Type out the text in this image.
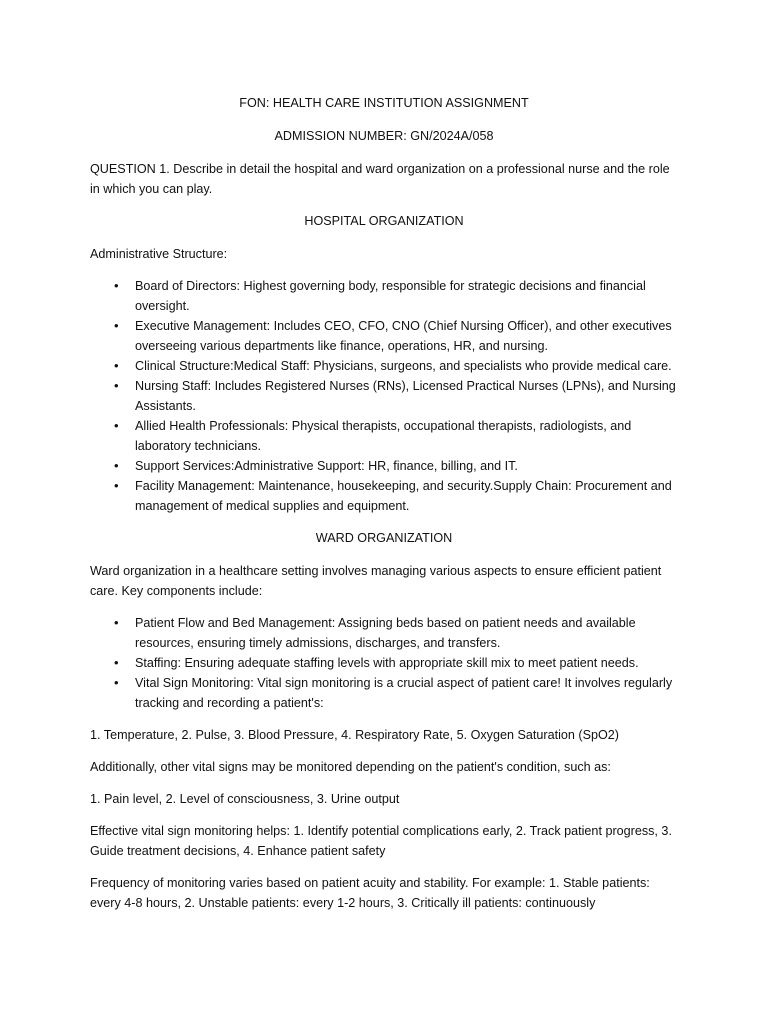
FON: HEALTH CARE INSTITUTION ASSIGNMENT

ADMISSION NUMBER: GN/2024A/058

QUESTION 1. Describe in detail the hospital and ward organization on a professional nurse and the role in which you can play.

HOSPITAL ORGANIZATION

Administrative Structure:

• Board of Directors: Highest governing body, responsible for strategic decisions and financial oversight.
• Executive Management: Includes CEO, CFO, CNO (Chief Nursing Officer), and other executives overseeing various departments like finance, operations, HR, and nursing.
• Clinical Structure:Medical Staff: Physicians, surgeons, and specialists who provide medical care.
• Nursing Staff: Includes Registered Nurses (RNs), Licensed Practical Nurses (LPNs), and Nursing Assistants.
• Allied Health Professionals: Physical therapists, occupational therapists, radiologists, and laboratory technicians.
• Support Services:Administrative Support: HR, finance, billing, and IT.
• Facility Management: Maintenance, housekeeping, and security.Supply Chain: Procurement and management of medical supplies and equipment.

WARD ORGANIZATION

Ward organization in a healthcare setting involves managing various aspects to ensure efficient patient care. Key components include:

• Patient Flow and Bed Management: Assigning beds based on patient needs and available resources, ensuring timely admissions, discharges, and transfers.
• Staffing: Ensuring adequate staffing levels with appropriate skill mix to meet patient needs.
• Vital Sign Monitoring: Vital sign monitoring is a crucial aspect of patient care! It involves regularly tracking and recording a patient's:

1. Temperature, 2. Pulse, 3. Blood Pressure, 4. Respiratory Rate, 5. Oxygen Saturation (SpO2)

Additionally, other vital signs may be monitored depending on the patient's condition, such as:

1. Pain level, 2. Level of consciousness, 3. Urine output

Effective vital sign monitoring helps: 1. Identify potential complications early, 2. Track patient progress, 3. Guide treatment decisions, 4. Enhance patient safety

Frequency of monitoring varies based on patient acuity and stability. For example: 1. Stable patients: every 4-8 hours, 2. Unstable patients: every 1-2 hours, 3. Critically ill patients: continuously
